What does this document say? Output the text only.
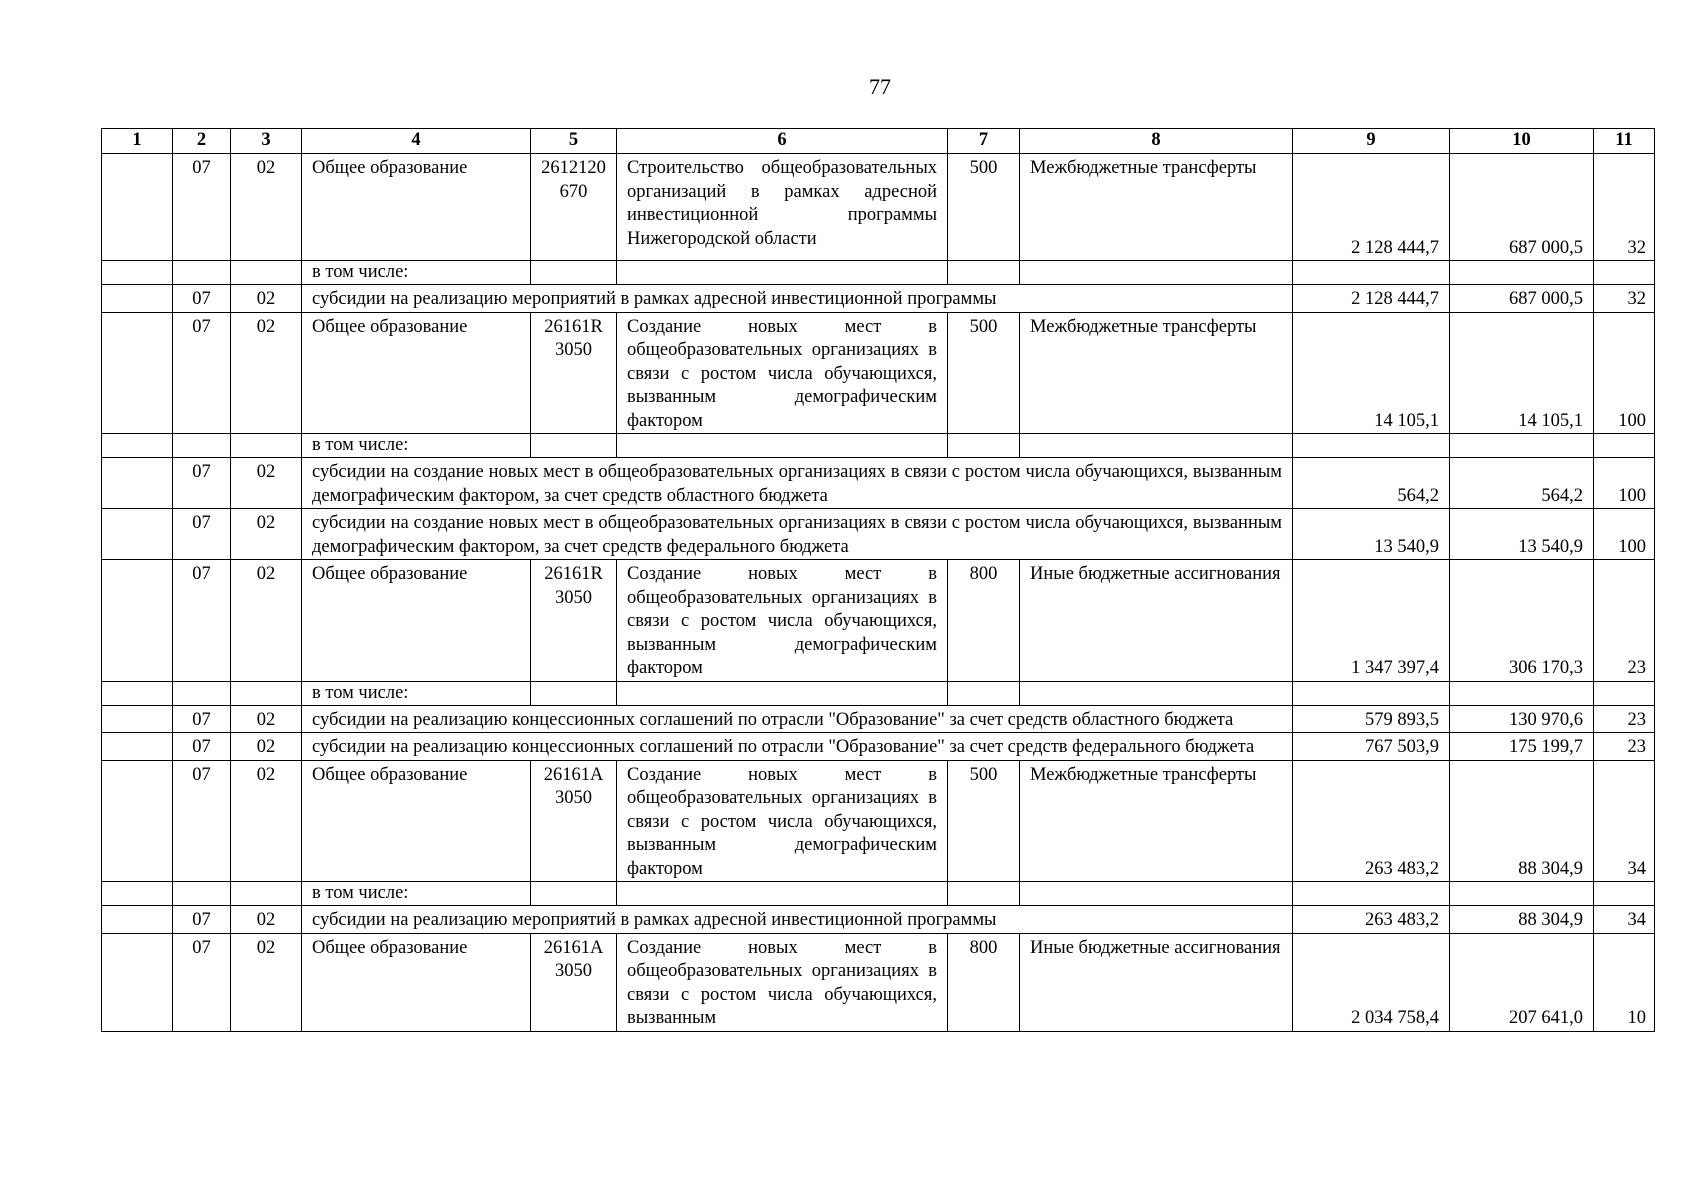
77
1	2	3	4	5	6	7	8	9	10	11
	07	02	Общее образование	2612120670	Строительство общеобразовательных организаций в рамках адресной инвестиционной программы Нижегородской области	500	Межбюджетные трансферты	2 128 444,7	687 000,5	32
			в том числе:							
	07	02	субсидии на реализацию мероприятий в рамках адресной инвестиционной программы					2 128 444,7	687 000,5	32
	07	02	Общее образование	26161R3050	Создание новых мест в общеобразовательных организациях в связи с ростом числа обучающихся, вызванным демографическим фактором	500	Межбюджетные трансферты	14 105,1	14 105,1	100
			в том числе:							
	07	02	субсидии на создание новых мест в общеобразовательных организациях в связи с ростом числа обучающихся, вызванным демографическим фактором, за счет средств областного бюджета					564,2	564,2	100
	07	02	субсидии на создание новых мест в общеобразовательных организациях в связи с ростом числа обучающихся, вызванным демографическим фактором, за счет средств федерального бюджета					13 540,9	13 540,9	100
	07	02	Общее образование	26161R3050	Создание новых мест в общеобразовательных организациях в связи с ростом числа обучающихся, вызванным демографическим фактором	800	Иные бюджетные ассигнования	1 347 397,4	306 170,3	23
			в том числе:							
	07	02	субсидии на реализацию концессионных соглашений по отрасли "Образование" за счет средств областного бюджета					579 893,5	130 970,6	23
	07	02	субсидии на реализацию концессионных соглашений по отрасли "Образование" за счет средств федерального бюджета					767 503,9	175 199,7	23
	07	02	Общее образование	26161А3050	Создание новых мест в общеобразовательных организациях в связи с ростом числа обучающихся, вызванным демографическим фактором	500	Межбюджетные трансферты	263 483,2	88 304,9	34
			в том числе:							
	07	02	субсидии на реализацию мероприятий в рамках адресной инвестиционной программы					263 483,2	88 304,9	34
	07	02	Общее образование	26161А3050	Создание новых мест в общеобразовательных организациях в связи с ростом числа обучающихся, вызванным	800	Иные бюджетные ассигнования	2 034 758,4	207 641,0	10
